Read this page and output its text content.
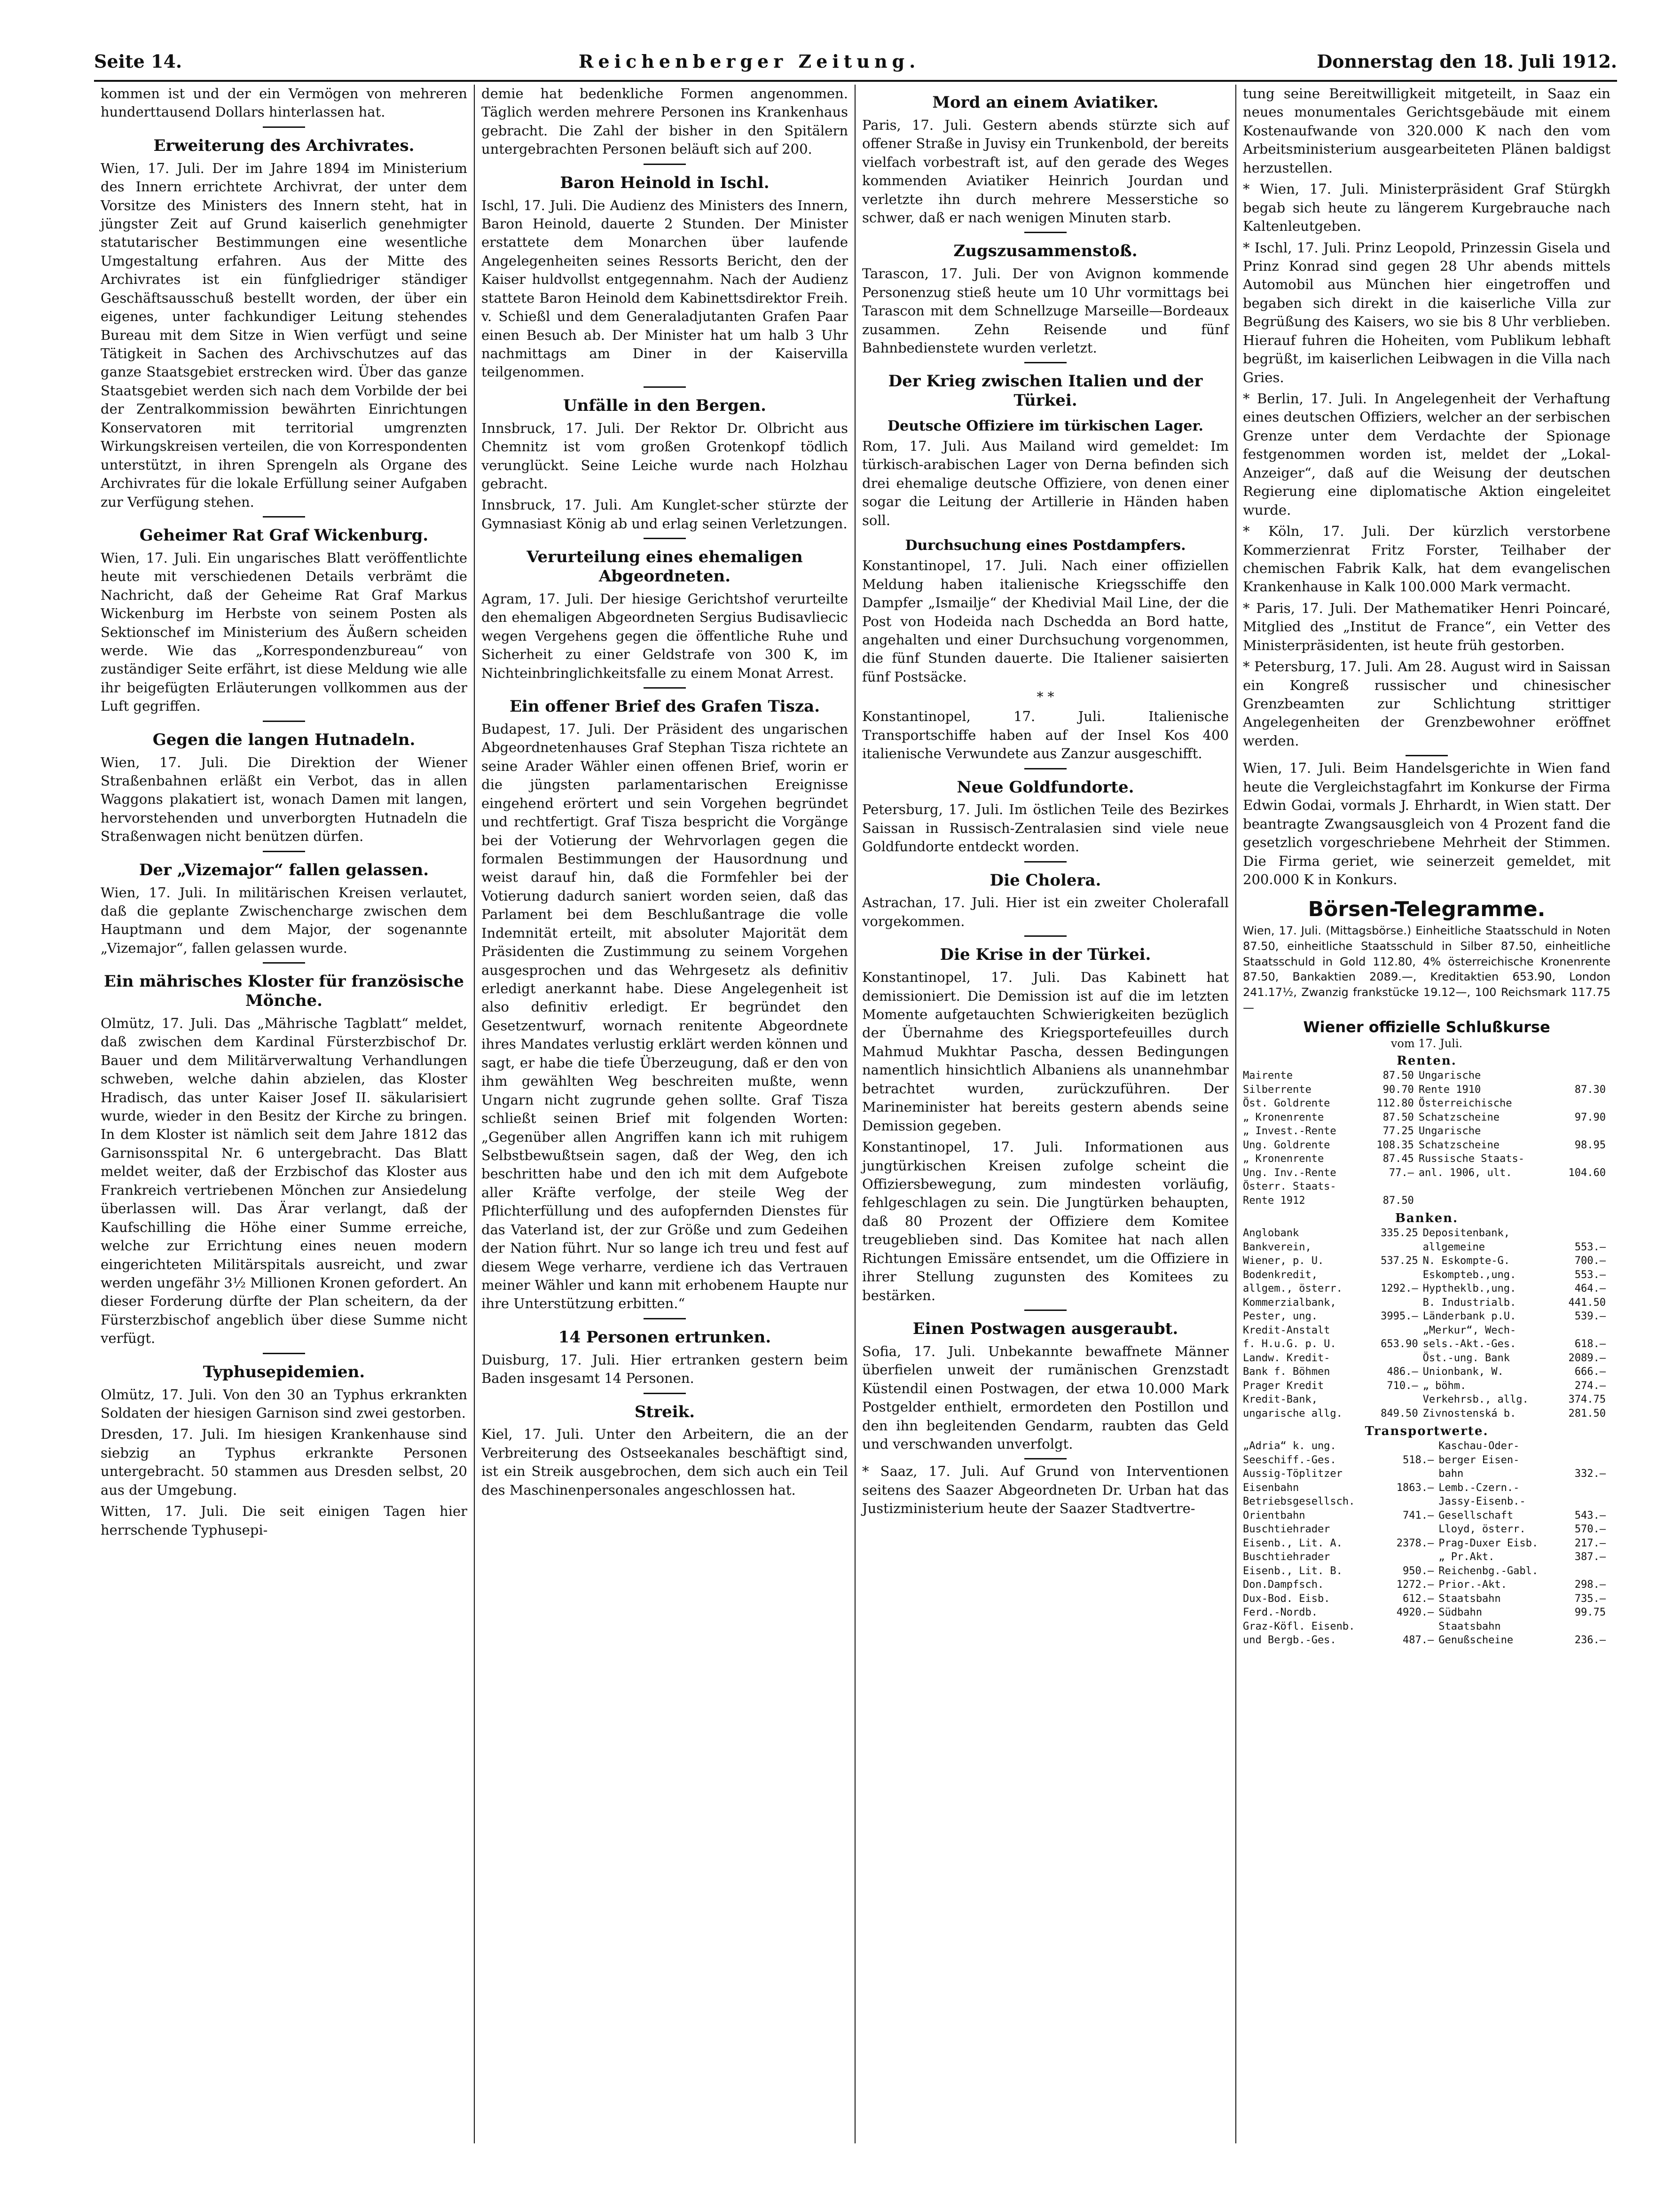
Seite 14.	Reichenberger Zeitung.	Donnerstag den 18. Juli 1912.

kommen ist und der ein Vermögen von mehreren hunderttausend Dollars hinterlassen hat.

Erweiterung des Archivrates.

Wien, 17. Juli. Der im Jahre 1894 im Ministerium des Innern errichtete Archivrat, der unter dem Vorsitze des Ministers des Innern steht, hat in jüngster Zeit auf Grund kaiserlich genehmigter statutarischer Bestimmungen eine wesentliche Umgestaltung erfahren. Aus der Mitte des Archivrates ist ein fünfgliedriger ständiger Geschäftsausschuß bestellt worden, der über ein eigenes, unter fachkundiger Leitung stehendes Bureau mit dem Sitze in Wien verfügt und seine Tätigkeit in Sachen des Archivschutzes auf das ganze Staatsgebiet erstrecken wird. Über das ganze Staatsgebiet werden sich nach dem Vorbilde der bei der Zentralkommission bewährten Einrichtungen Konservatoren mit territorial umgrenzten Wirkungskreisen verteilen, die von Korrespondenten unterstützt, in ihren Sprengeln als Organe des Archivrates für die lokale Erfüllung seiner Aufgaben zur Verfügung stehen.

Geheimer Rat Graf Wickenburg.

Wien, 17. Juli. Ein ungarisches Blatt veröffentlichte heute mit verschiedenen Details verbrämt die Nachricht, daß der Geheime Rat Graf Markus Wickenburg im Herbste von seinem Posten als Sektionschef im Ministerium des Äußern scheiden werde. Wie das „Korrespondenzbureau“ von zuständiger Seite erfährt, ist diese Meldung wie alle ihr beigefügten Erläuterungen vollkommen aus der Luft gegriffen.

Gegen die langen Hutnadeln.

Wien, 17. Juli. Die Direktion der Wiener Straßenbahnen erläßt ein Verbot, das in allen Waggons plakatiert ist, wonach Damen mit langen, hervorstehenden und unverborgten Hutnadeln die Straßenwagen nicht benützen dürfen.

Der „Vizemajor“ fallen gelassen.

Wien, 17. Juli. In militärischen Kreisen verlautet, daß die geplante Zwischencharge zwischen dem Hauptmann und dem Major, der sogenannte „Vizemajor“, fallen gelassen wurde.

Ein mährisches Kloster für französische Mönche.

Olmütz, 17. Juli. Das „Mährische Tagblatt“ meldet, daß zwischen dem Kardinal Fürsterzbischof Dr. Bauer und dem Militärverwaltung Verhandlungen schweben, welche dahin abzielen, das Kloster Hradisch, das unter Kaiser Josef II. säkularisiert wurde, wieder in den Besitz der Kirche zu bringen. In dem Kloster ist nämlich seit dem Jahre 1812 das Garnisonsspital Nr. 6 untergebracht. Das Blatt meldet weiter, daß der Erzbischof das Kloster aus Frankreich vertriebenen Mönchen zur Ansiedelung überlassen will. Das Ärar verlangt, daß der Kaufschilling die Höhe einer Summe erreiche, welche zur Errichtung eines neuen modern eingerichteten Militärspitals ausreicht, und zwar werden ungefähr 3½ Millionen Kronen gefordert. An dieser Forderung dürfte der Plan scheitern, da der Fürsterzbischof angeblich über diese Summe nicht verfügt.

Typhusepidemien.

Olmütz, 17. Juli. Von den 30 an Typhus erkrankten Soldaten der hiesigen Garnison sind zwei gestorben.

Dresden, 17. Juli. Im hiesigen Krankenhause sind siebzig an Typhus erkrankte Personen untergebracht. 50 stammen aus Dresden selbst, 20 aus der Umgebung.

Witten, 17. Juli. Die seit einigen Tagen hier herrschende Typhusepi-

demie hat bedenkliche Formen angenommen. Täglich werden mehrere Personen ins Krankenhaus gebracht. Die Zahl der bisher in den Spitälern untergebrachten Personen beläuft sich auf 200.

Baron Heinold in Ischl.

Ischl, 17. Juli. Die Audienz des Ministers des Innern, Baron Heinold, dauerte 2 Stunden. Der Minister erstattete dem Monarchen über laufende Angelegenheiten seines Ressorts Bericht, den der Kaiser huldvollst entgegennahm. Nach der Audienz stattete Baron Heinold dem Kabinettsdirektor Freih. v. Schießl und dem Generaladjutanten Grafen Paar einen Besuch ab. Der Minister hat um halb 3 Uhr nachmittags am Diner in der Kaiservilla teilgenommen.

Unfälle in den Bergen.

Innsbruck, 17. Juli. Der Rektor Dr. Olbricht aus Chemnitz ist vom großen Grotenkopf tödlich verunglückt. Seine Leiche wurde nach Holzhau gebracht.

Innsbruck, 17. Juli. Am Kunglet-scher stürzte der Gymnasiast König ab und erlag seinen Verletzungen.

Verurteilung eines ehemaligen Abgeordneten.

Agram, 17. Juli. Der hiesige Gerichtshof verurteilte den ehemaligen Abgeordneten Sergius Budisavliecic wegen Vergehens gegen die öffentliche Ruhe und Sicherheit zu einer Geldstrafe von 300 K, im Nichteinbringlichkeitsfalle zu einem Monat Arrest.

Ein offener Brief des Grafen Tisza.

Budapest, 17. Juli. Der Präsident des ungarischen Abgeordnetenhauses Graf Stephan Tisza richtete an seine Arader Wähler einen offenen Brief, worin er die jüngsten parlamentarischen Ereignisse eingehend erörtert und sein Vorgehen begründet und rechtfertigt. Graf Tisza bespricht die Vorgänge bei der Votierung der Wehrvorlagen gegen die formalen Bestimmungen der Hausordnung und weist darauf hin, daß die Formfehler bei der Votierung dadurch saniert worden seien, daß das Parlament bei dem Beschlußantrage die volle Indemnität erteilt, mit absoluter Majorität dem Präsidenten die Zustimmung zu seinem Vorgehen ausgesprochen und das Wehrgesetz als definitiv erledigt anerkannt habe. Diese Angelegenheit ist also definitiv erledigt. Er begründet den Gesetzentwurf, wornach renitente Abgeordnete ihres Mandates verlustig erklärt werden können und sagt, er habe die tiefe Überzeugung, daß er den von ihm gewählten Weg beschreiten mußte, wenn Ungarn nicht zugrunde gehen sollte. Graf Tisza schließt seinen Brief mit folgenden Worten: „Gegenüber allen Angriffen kann ich mit ruhigem Selbstbewußtsein sagen, daß der Weg, den ich beschritten habe und den ich mit dem Aufgebote aller Kräfte verfolge, der steile Weg der Pflichterfüllung und des aufopfernden Dienstes für das Vaterland ist, der zur Größe und zum Gedeihen der Nation führt. Nur so lange ich treu und fest auf diesem Wege verharre, verdiene ich das Vertrauen meiner Wähler und kann mit erhobenem Haupte nur ihre Unterstützung erbitten.“

14 Personen ertrunken.

Duisburg, 17. Juli. Hier ertranken gestern beim Baden insgesamt 14 Personen.

Streik.

Kiel, 17. Juli. Unter den Arbeitern, die an der Verbreiterung des Ostseekanales beschäftigt sind, ist ein Streik ausgebrochen, dem sich auch ein Teil des Maschinenpersonales angeschlossen hat.

Mord an einem Aviatiker.

Paris, 17. Juli. Gestern abends stürzte sich auf offener Straße in Juvisy ein Trunkenbold, der bereits vielfach vorbestraft ist, auf den gerade des Weges kommenden Aviatiker Heinrich Jourdan und verletzte ihn durch mehrere Messerstiche so schwer, daß er nach wenigen Minuten starb.

Zugszusammenstoß.

Tarascon, 17. Juli. Der von Avignon kommende Personenzug stieß heute um 10 Uhr vormittags bei Tarascon mit dem Schnellzuge Marseille—Bordeaux zusammen. Zehn Reisende und fünf Bahnbedienstete wurden verletzt.

Der Krieg zwischen Italien und der Türkei.
Deutsche Offiziere im türkischen Lager.

Rom, 17. Juli. Aus Mailand wird gemeldet: Im türkisch-arabischen Lager von Derna befinden sich drei ehemalige deutsche Offiziere, von denen einer sogar die Leitung der Artillerie in Händen haben soll.

Durchsuchung eines Postdampfers.

Konstantinopel, 17. Juli. Nach einer offiziellen Meldung haben italienische Kriegsschiffe den Dampfer „Ismailje“ der Khedivial Mail Line, der die Post von Hodeida nach Dschedda an Bord hatte, angehalten und einer Durchsuchung vorgenommen, die fünf Stunden dauerte. Die Italiener saisierten fünf Postsäcke.

* *

Konstantinopel, 17. Juli. Italienische Transportschiffe haben auf der Insel Kos 400 italienische Verwundete aus Zanzur ausgeschifft.

Neue Goldfundorte.

Petersburg, 17. Juli. Im östlichen Teile des Bezirkes Saissan in Russisch-Zentralasien sind viele neue Goldfundorte entdeckt worden.

Die Cholera.

Astrachan, 17. Juli. Hier ist ein zweiter Cholerafall vorgekommen.

Die Krise in der Türkei.

Konstantinopel, 17. Juli. Das Kabinett hat demissioniert. Die Demission ist auf die im letzten Momente aufgetauchten Schwierigkeiten bezüglich der Übernahme des Kriegsportefeuilles durch Mahmud Mukhtar Pascha, dessen Bedingungen namentlich hinsichtlich Albaniens als unannehmbar betrachtet wurden, zurückzuführen. Der Marineminister hat bereits gestern abends seine Demission gegeben.

Konstantinopel, 17. Juli. Informationen aus jungtürkischen Kreisen zufolge scheint die Offiziersbewegung, zum mindesten vorläufig, fehlgeschlagen zu sein. Die Jungtürken behaupten, daß 80 Prozent der Offiziere dem Komitee treugeblieben sind. Das Komitee hat nach allen Richtungen Emissäre entsendet, um die Offiziere in ihrer Stellung zugunsten des Komitees zu bestärken.

Einen Postwagen ausgeraubt.

Sofia, 17. Juli. Unbekannte bewaffnete Männer überfielen unweit der rumänischen Grenzstadt Küstendil einen Postwagen, der etwa 10.000 Mark Postgelder enthielt, ermordeten den Postillon und den ihn begleitenden Gendarm, raubten das Geld und verschwanden unverfolgt.

* Saaz, 17. Juli. Auf Grund von Interventionen seitens des Saazer Abgeordneten Dr. Urban hat das Justizministerium heute der Saazer Stadtvertre-

tung seine Bereitwilligkeit mitgeteilt, in Saaz ein neues monumentales Gerichtsgebäude mit einem Kostenaufwande von 320.000 K nach den vom Arbeitsministerium ausgearbeiteten Plänen baldigst herzustellen.

* Wien, 17. Juli. Ministerpräsident Graf Stürgkh begab sich heute zu längerem Kurgebrauche nach Kaltenleutgeben.

* Ischl, 17. Juli. Prinz Leopold, Prinzessin Gisela und Prinz Konrad sind gegen 28 Uhr abends mittels Automobil aus München hier eingetroffen und begaben sich direkt in die kaiserliche Villa zur Begrüßung des Kaisers, wo sie bis 8 Uhr verblieben. Hierauf fuhren die Hoheiten, vom Publikum lebhaft begrüßt, im kaiserlichen Leibwagen in die Villa nach Gries.

* Berlin, 17. Juli. In Angelegenheit der Verhaftung eines deutschen Offiziers, welcher an der serbischen Grenze unter dem Verdachte der Spionage festgenommen worden ist, meldet der „Lokal-Anzeiger“, daß auf die Weisung der deutschen Regierung eine diplomatische Aktion eingeleitet wurde.

* Köln, 17. Juli. Der kürzlich verstorbene Kommerzienrat Fritz Forster, Teilhaber der chemischen Fabrik Kalk, hat dem evangelischen Krankenhause in Kalk 100.000 Mark vermacht.

* Paris, 17. Juli. Der Mathematiker Henri Poincaré, Mitglied des „Institut de France“, ein Vetter des Ministerpräsidenten, ist heute früh gestorben.

* Petersburg, 17. Juli. Am 28. August wird in Saissan ein Kongreß russischer und chinesischer Grenzbeamten zur Schlichtung strittiger Angelegenheiten der Grenzbewohner eröffnet werden.

Wien, 17. Juli. Beim Handelsgerichte in Wien fand heute die Vergleichstagfahrt im Konkurse der Firma Edwin Godai, vormals J. Ehrhardt, in Wien statt. Der beantragte Zwangsausgleich von 4 Prozent fand die gesetzlich vorgeschriebene Mehrheit der Stimmen. Die Firma geriet, wie seinerzeit gemeldet, mit 200.000 K in Konkurs.

Börsen-Telegramme.

Wien, 17. Juli. (Mittagsbörse.) Einheitliche Staatsschuld in Noten 87.50, einheitliche Staatsschuld in Silber 87.50, einheitliche Staatsschuld in Gold 112.80, 4% österreichische Kronenrente 87.50, Bankaktien 2089.—, Kreditaktien 653.90, London 241.17½, Zwanzig frankstücke 19.12—, 100 Reichsmark 117.75—

Wiener offizielle Schlußkurse
vom 17. Juli.
Renten.
Mairente	87.50	Ungarische	
Silberrente	90.70	Rente 1910	87.30
Öst. Goldrente	112.80	Österreichische	
„ Kronenrente	87.50	Schatzscheine	97.90
„ Invest.-Rente	77.25	Ungarische	
Ung. Goldrente	108.35	Schatzscheine	98.95
„ Kronenrente	87.45	Russische Staats-	
Ung. Inv.-Rente	77.—	anl. 1906, ult.	104.60
Österr. Staats-			
Rente 1912	87.50		
Banken.
Anglobank	335.25	Depositenbank,	
Bankverein,		allgemeine	553.—
Wiener, p. U.	537.25	N. Eskompte-G.	700.—
Bodenkredit,		Eskompteb.,ung.	553.—
allgem., österr.	1292.—	Hyptheklb.,ung.	464.—
Kommerzialbank,		B. Industrialb.	441.50
Pester, ung.	3995.—	Länderbank p.U.	539.—
Kredit-Anstalt		„Merkur“, Wech-	
f. H.u.G. p. U.	653.90	sels.-Akt.-Ges.	618.—
Landw. Kredit-		Öst.-ung. Bank	2089.—
Bank f. Böhmen	486.—	Unionbank, W.	666.—
Prager Kredit	710.—	„ böhm.	274.—
Kredit-Bank,		Verkehrsb., allg.	374.75
ungarische allg.	849.50	Zivnostenská b.	281.50
Transportwerte.
„Adria“ k. ung.		Kaschau-Oder-	
Seeschiff.-Ges.	518.—	berger Eisen-	
Aussig-Töplitzer		bahn	332.—
Eisenbahn	1863.—	Lemb.-Czern.-	
Betriebsgesellsch.		Jassy-Eisenb.-	
Orientbahn	741.—	Gesellschaft	543.—
Buschtiehrader		Lloyd, österr.	570.—
Eisenb., Lit. A.	2378.—	Prag-Duxer Eisb.	217.—
Buschtiehrader		„ Pr.Akt.	387.—
Eisenb., Lit. B.	950.—	Reichenbg.-Gabl.	
Don.Dampfsch.	1272.—	Prior.-Akt.	298.—
Dux-Bod. Eisb.	612.—	Staatsbahn	735.—
Ferd.-Nordb.	4920.—	Südbahn	99.75
Graz-Köfl. Eisenb.		Staatsbahn	
und Bergb.-Ges.	487.—	Genußscheine	236.—
